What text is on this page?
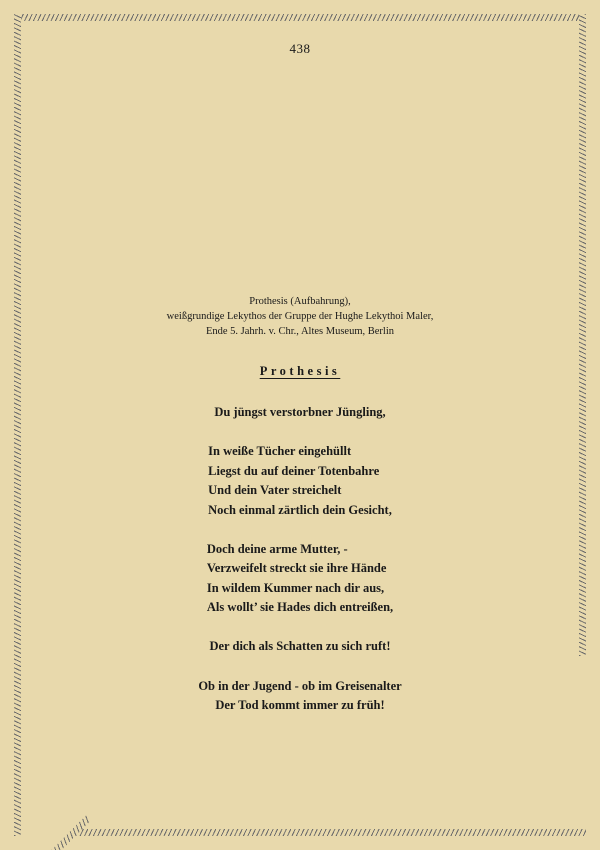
438
Prothesis (Aufbahrung),
weißgrundige Lekythos der Gruppe der Hughe Lekythoi Maler,
Ende 5. Jahrh. v. Chr., Altes Museum, Berlin
Prothesis
Du jüngst verstorbner Jüngling,
In weiße Tücher eingehüllt
Liegst du auf deiner Totenbahre
Und dein Vater streichelt
Noch einmal zärtlich dein Gesicht,
Doch deine arme Mutter, -
Verzweifelt streckt sie ihre Hände
In wildem Kummer nach dir aus,
Als wollt’ sie Hades dich entreißen,
Der dich als Schatten zu sich ruft!
Ob in der Jugend - ob im Greisenalter
Der Tod kommt immer zu früh!
